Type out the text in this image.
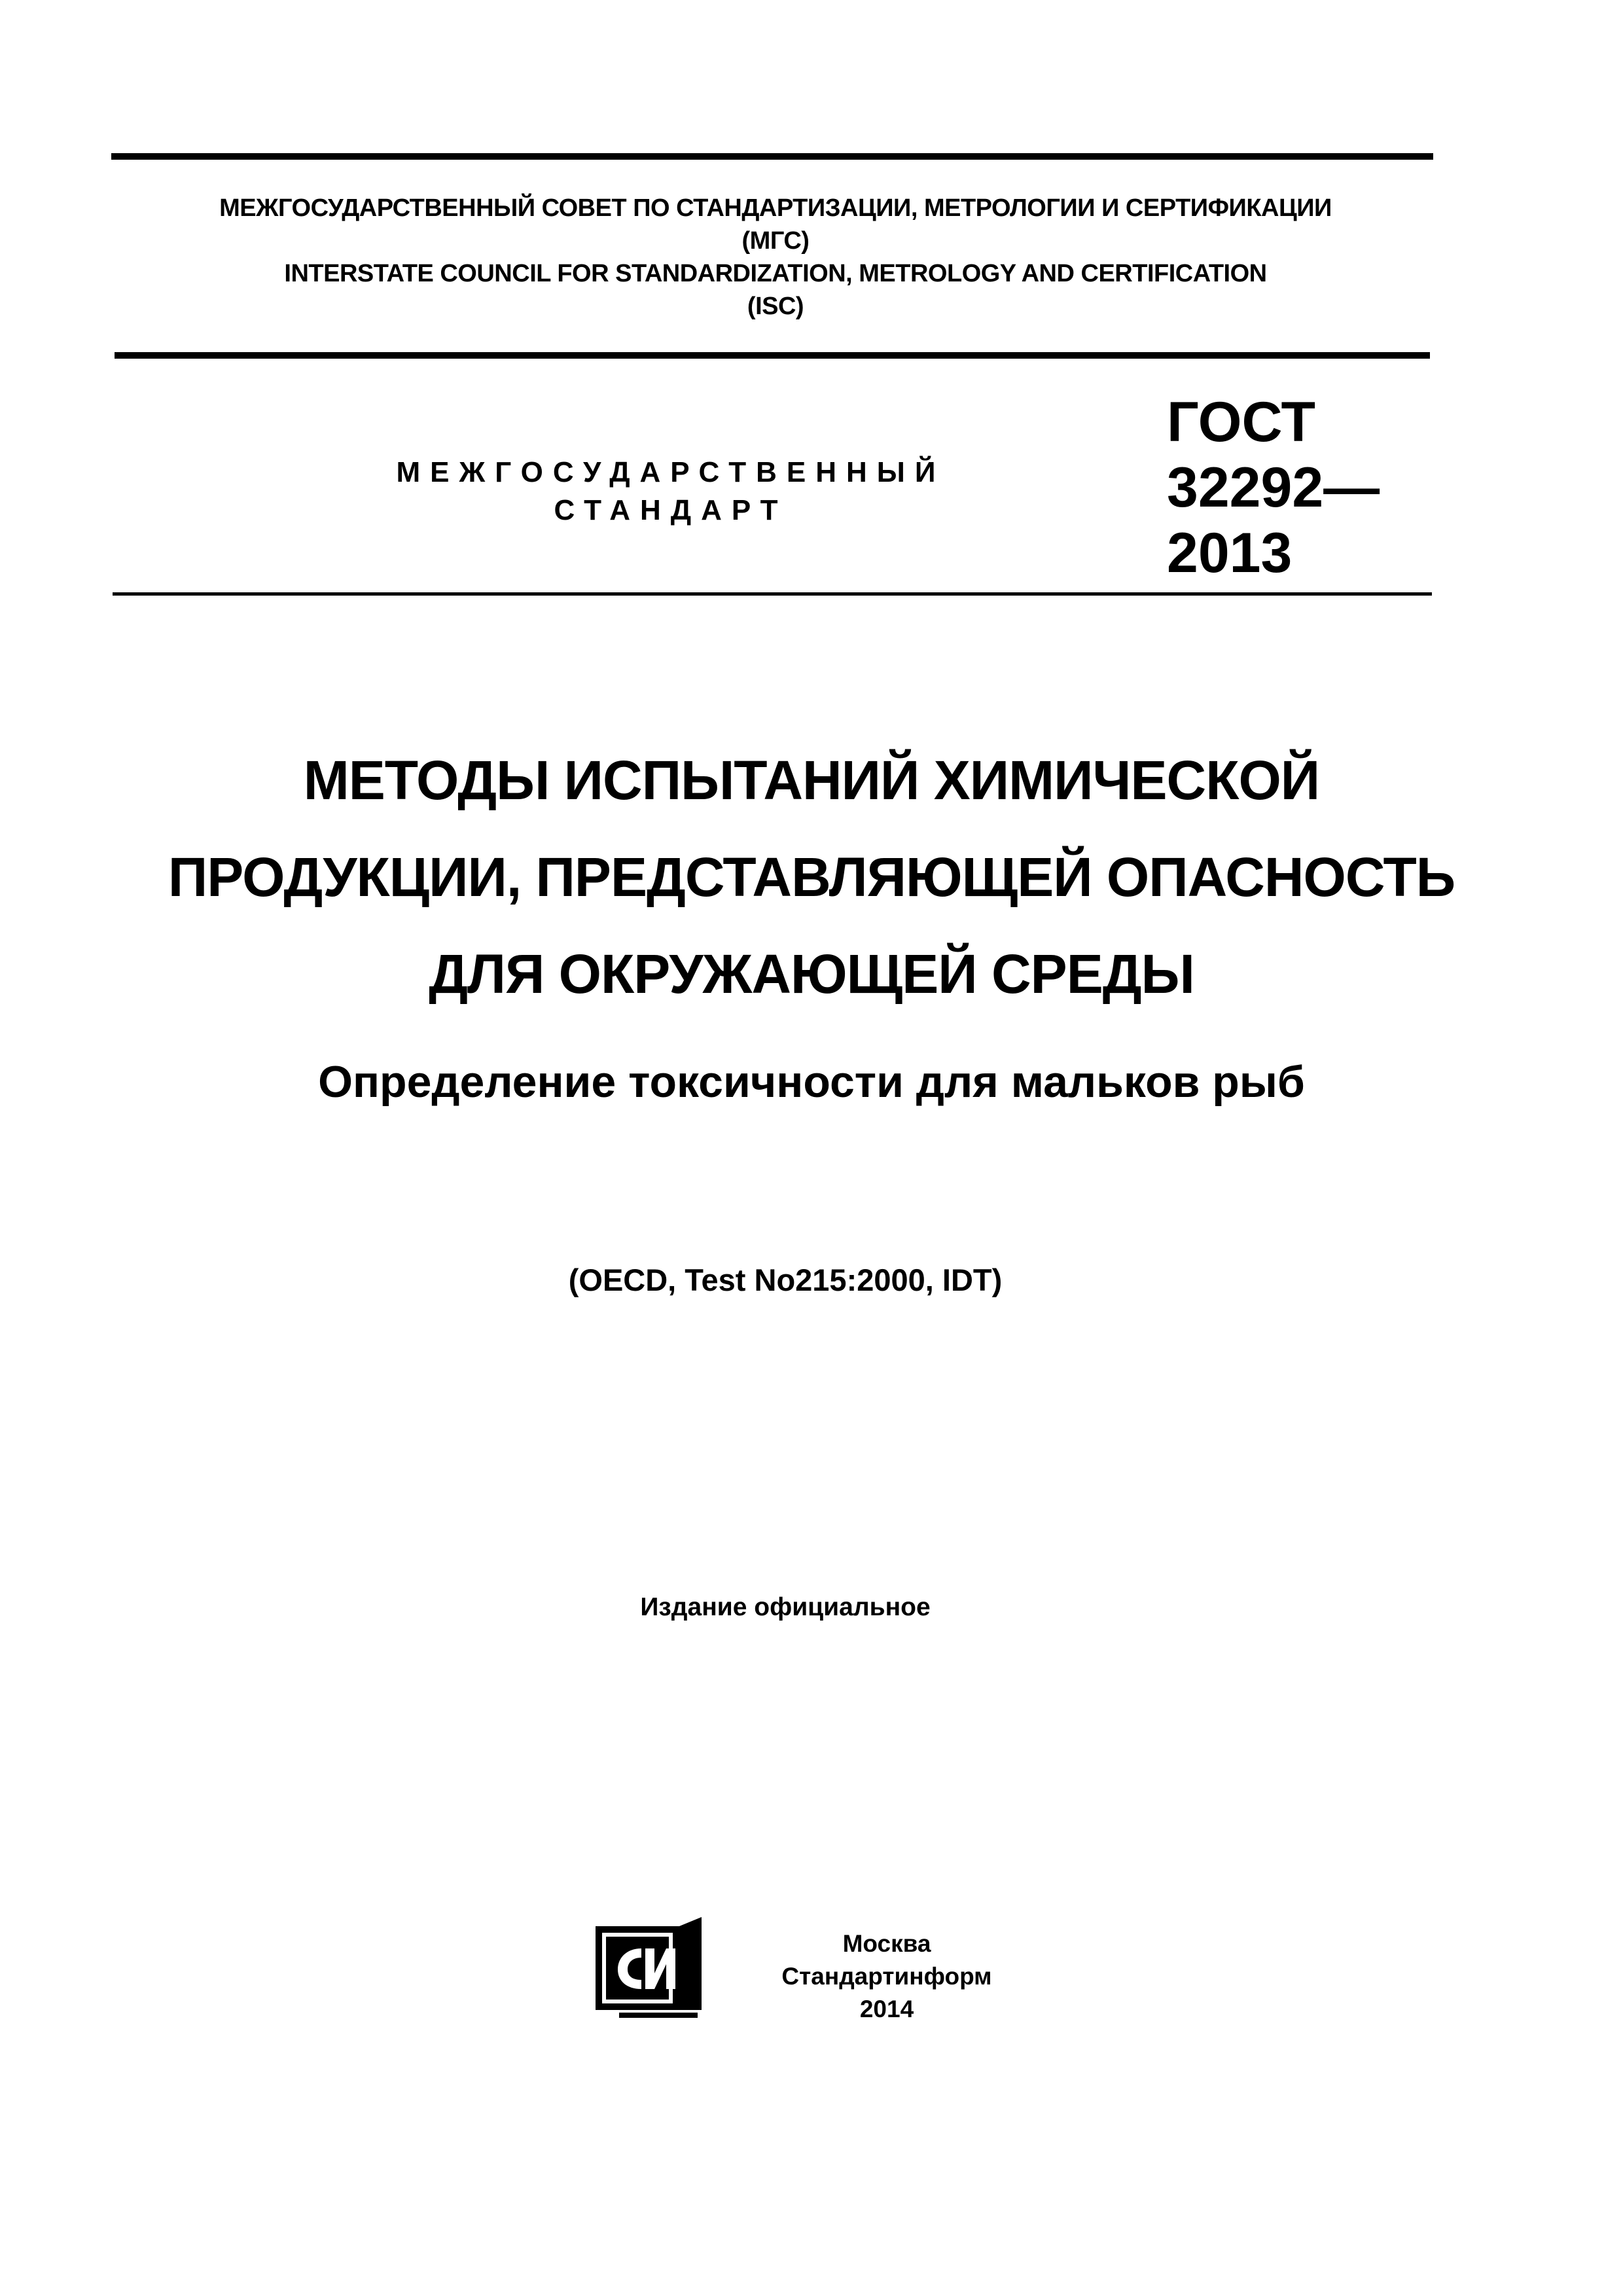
МЕЖГОСУДАРСТВЕННЫЙ СОВЕТ ПО СТАНДАРТИЗАЦИИ, МЕТРОЛОГИИ И СЕРТИФИКАЦИИ
(МГС)
INTERSTATE COUNCIL FOR STANDARDIZATION, METROLOGY AND CERTIFICATION
(ISC)
МЕЖГОСУДАРСТВЕННЫЙ
СТАНДАРТ
ГОСТ
32292—
2013
МЕТОДЫ ИСПЫТАНИЙ ХИМИЧЕСКОЙ
ПРОДУКЦИИ, ПРЕДСТАВЛЯЮЩЕЙ ОПАСНОСТЬ
ДЛЯ ОКРУЖАЮЩЕЙ СРЕДЫ
Определение токсичности для мальков рыб
(OECD, Test No215:2000, IDT)
Издание официальное
Москва
Стандартинформ
2014
